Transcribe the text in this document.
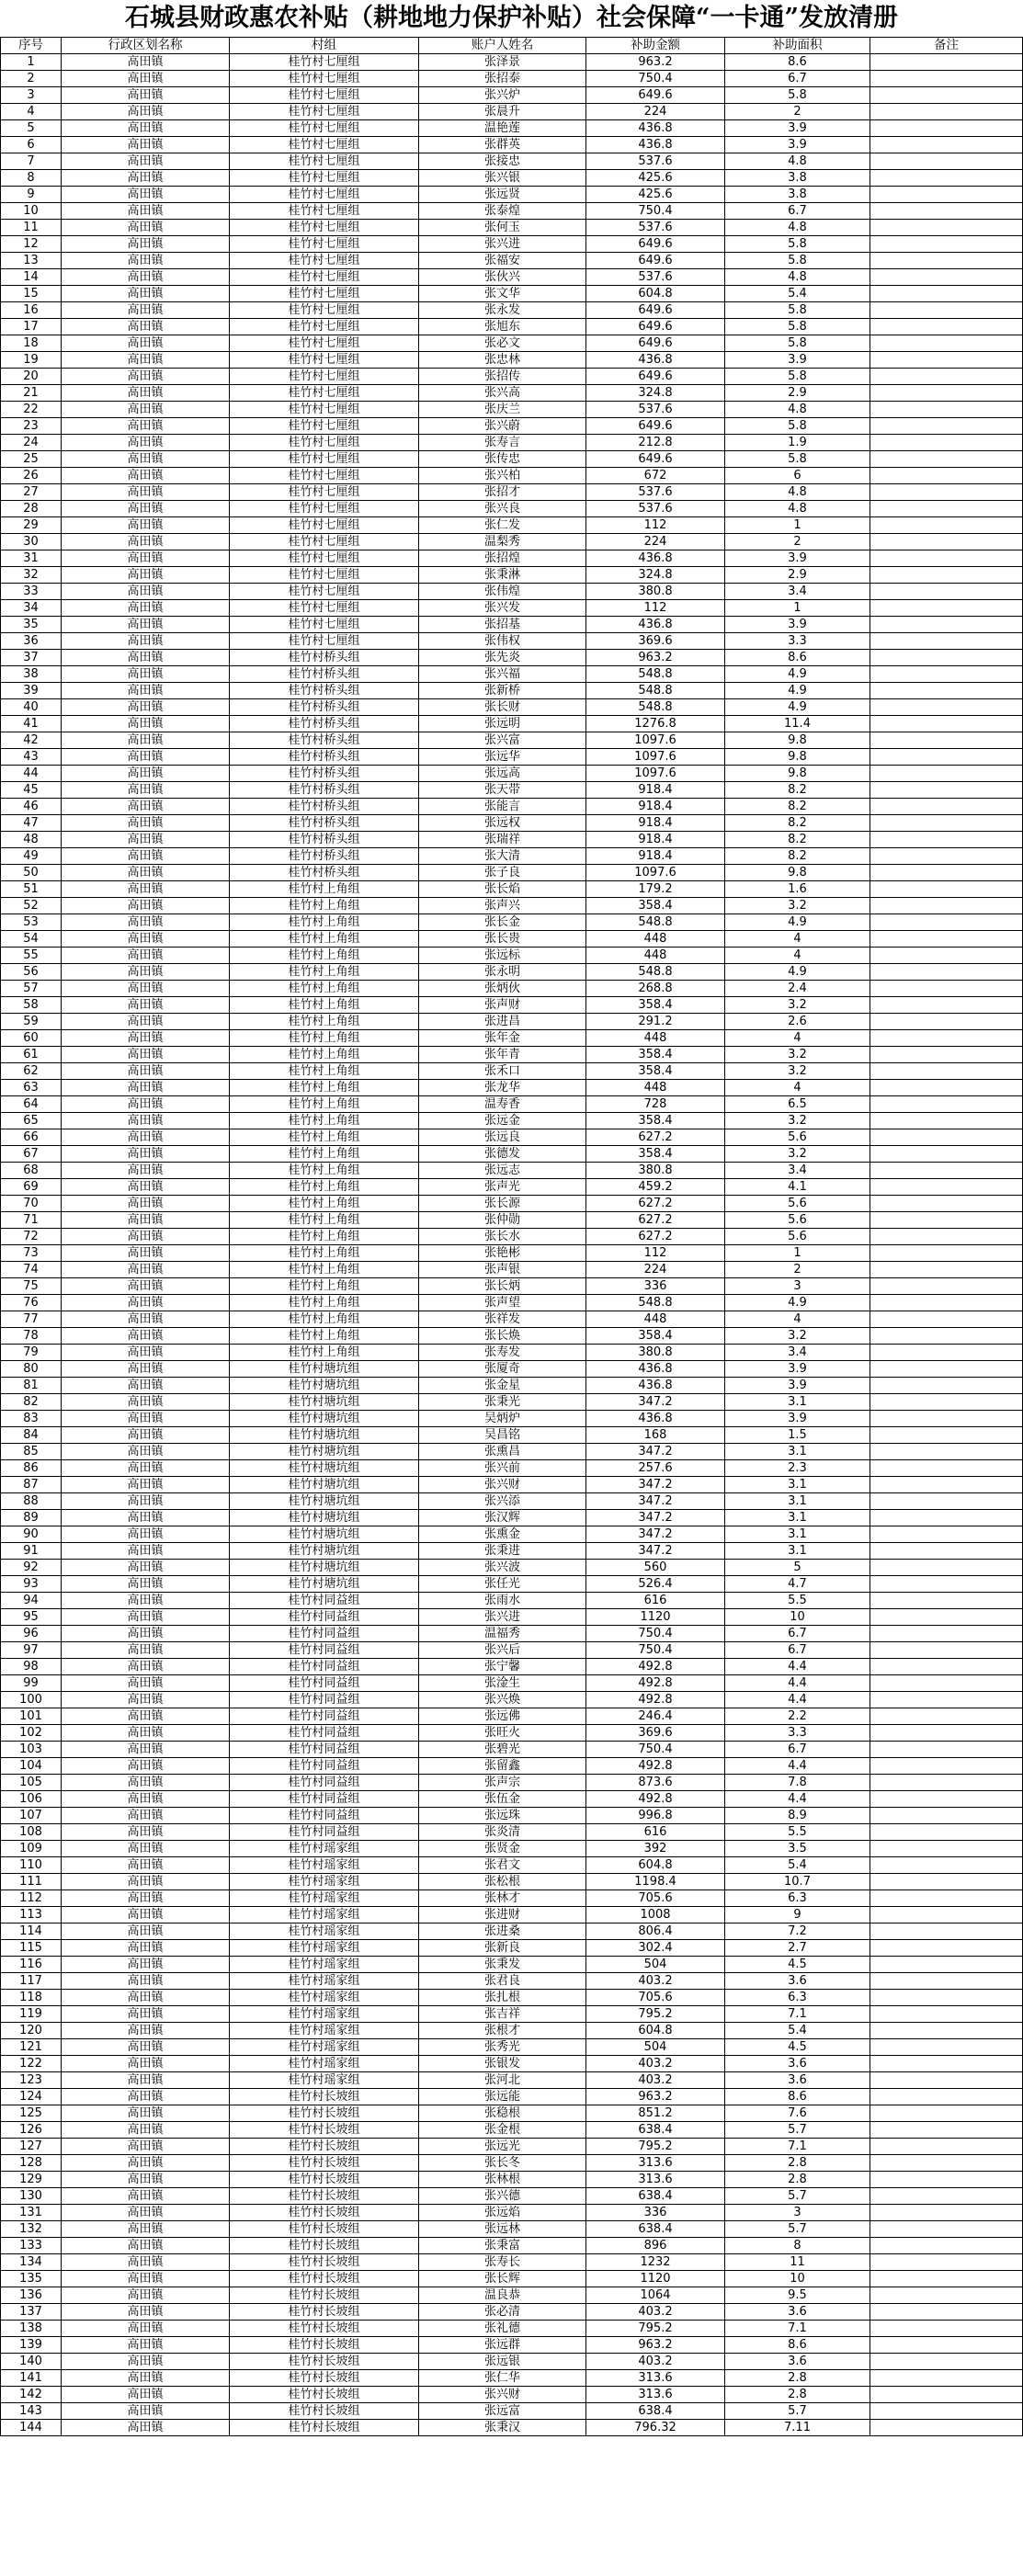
石城县财政惠农补贴（耕地地力保护补贴）社会保障“一卡通”发放清册
序号	行政区划名称	村组	账户人姓名	补助金额	补助面积	备注
1	高田镇	桂竹村七厘组	张泽景	963.2	8.6	
2	高田镇	桂竹村七厘组	张招泰	750.4	6.7	
3	高田镇	桂竹村七厘组	张兴炉	649.6	5.8	
4	高田镇	桂竹村七厘组	张晨升	224	2	
5	高田镇	桂竹村七厘组	温艳莲	436.8	3.9	
6	高田镇	桂竹村七厘组	张群英	436.8	3.9	
7	高田镇	桂竹村七厘组	张接忠	537.6	4.8	
8	高田镇	桂竹村七厘组	张兴银	425.6	3.8	
9	高田镇	桂竹村七厘组	张远贤	425.6	3.8	
10	高田镇	桂竹村七厘组	张泰煌	750.4	6.7	
11	高田镇	桂竹村七厘组	张何玉	537.6	4.8	
12	高田镇	桂竹村七厘组	张兴进	649.6	5.8	
13	高田镇	桂竹村七厘组	张福安	649.6	5.8	
14	高田镇	桂竹村七厘组	张伙兴	537.6	4.8	
15	高田镇	桂竹村七厘组	张文华	604.8	5.4	
16	高田镇	桂竹村七厘组	张永发	649.6	5.8	
17	高田镇	桂竹村七厘组	张旭东	649.6	5.8	
18	高田镇	桂竹村七厘组	张必文	649.6	5.8	
19	高田镇	桂竹村七厘组	张忠林	436.8	3.9	
20	高田镇	桂竹村七厘组	张招传	649.6	5.8	
21	高田镇	桂竹村七厘组	张兴高	324.8	2.9	
22	高田镇	桂竹村七厘组	张庆兰	537.6	4.8	
23	高田镇	桂竹村七厘组	张兴蔚	649.6	5.8	
24	高田镇	桂竹村七厘组	张寿言	212.8	1.9	
25	高田镇	桂竹村七厘组	张传忠	649.6	5.8	
26	高田镇	桂竹村七厘组	张兴柏	672	6	
27	高田镇	桂竹村七厘组	张招才	537.6	4.8	
28	高田镇	桂竹村七厘组	张兴良	537.6	4.8	
29	高田镇	桂竹村七厘组	张仁发	112	1	
30	高田镇	桂竹村七厘组	温梨秀	224	2	
31	高田镇	桂竹村七厘组	张招煌	436.8	3.9	
32	高田镇	桂竹村七厘组	张秉淋	324.8	2.9	
33	高田镇	桂竹村七厘组	张伟煌	380.8	3.4	
34	高田镇	桂竹村七厘组	张兴发	112	1	
35	高田镇	桂竹村七厘组	张招基	436.8	3.9	
36	高田镇	桂竹村七厘组	张伟权	369.6	3.3	
37	高田镇	桂竹村桥头组	张先炎	963.2	8.6	
38	高田镇	桂竹村桥头组	张兴福	548.8	4.9	
39	高田镇	桂竹村桥头组	张新桥	548.8	4.9	
40	高田镇	桂竹村桥头组	张长财	548.8	4.9	
41	高田镇	桂竹村桥头组	张远明	1276.8	11.4	
42	高田镇	桂竹村桥头组	张兴富	1097.6	9.8	
43	高田镇	桂竹村桥头组	张远华	1097.6	9.8	
44	高田镇	桂竹村桥头组	张远高	1097.6	9.8	
45	高田镇	桂竹村桥头组	张天带	918.4	8.2	
46	高田镇	桂竹村桥头组	张能言	918.4	8.2	
47	高田镇	桂竹村桥头组	张远权	918.4	8.2	
48	高田镇	桂竹村桥头组	张瑞祥	918.4	8.2	
49	高田镇	桂竹村桥头组	张大清	918.4	8.2	
50	高田镇	桂竹村桥头组	张子良	1097.6	9.8	
51	高田镇	桂竹村上角组	张长焰	179.2	1.6	
52	高田镇	桂竹村上角组	张声兴	358.4	3.2	
53	高田镇	桂竹村上角组	张长金	548.8	4.9	
54	高田镇	桂竹村上角组	张长贵	448	4	
55	高田镇	桂竹村上角组	张远标	448	4	
56	高田镇	桂竹村上角组	张永明	548.8	4.9	
57	高田镇	桂竹村上角组	张炳伙	268.8	2.4	
58	高田镇	桂竹村上角组	张声财	358.4	3.2	
59	高田镇	桂竹村上角组	张进昌	291.2	2.6	
60	高田镇	桂竹村上角组	张年金	448	4	
61	高田镇	桂竹村上角组	张年青	358.4	3.2	
62	高田镇	桂竹村上角组	张禾口	358.4	3.2	
63	高田镇	桂竹村上角组	张龙华	448	4	
64	高田镇	桂竹村上角组	温寿香	728	6.5	
65	高田镇	桂竹村上角组	张远金	358.4	3.2	
66	高田镇	桂竹村上角组	张远良	627.2	5.6	
67	高田镇	桂竹村上角组	张德发	358.4	3.2	
68	高田镇	桂竹村上角组	张远志	380.8	3.4	
69	高田镇	桂竹村上角组	张声光	459.2	4.1	
70	高田镇	桂竹村上角组	张长源	627.2	5.6	
71	高田镇	桂竹村上角组	张仲勋	627.2	5.6	
72	高田镇	桂竹村上角组	张长水	627.2	5.6	
73	高田镇	桂竹村上角组	张艳彬	112	1	
74	高田镇	桂竹村上角组	张声银	224	2	
75	高田镇	桂竹村上角组	张长炳	336	3	
76	高田镇	桂竹村上角组	张声望	548.8	4.9	
77	高田镇	桂竹村上角组	张祥发	448	4	
78	高田镇	桂竹村上角组	张长焕	358.4	3.2	
79	高田镇	桂竹村上角组	张寿发	380.8	3.4	
80	高田镇	桂竹村塘坑组	张厦奇	436.8	3.9	
81	高田镇	桂竹村塘坑组	张金星	436.8	3.9	
82	高田镇	桂竹村塘坑组	张秉光	347.2	3.1	
83	高田镇	桂竹村塘坑组	吴炳炉	436.8	3.9	
84	高田镇	桂竹村塘坑组	吴昌铭	168	1.5	
85	高田镇	桂竹村塘坑组	张熏昌	347.2	3.1	
86	高田镇	桂竹村塘坑组	张兴前	257.6	2.3	
87	高田镇	桂竹村塘坑组	张兴财	347.2	3.1	
88	高田镇	桂竹村塘坑组	张兴添	347.2	3.1	
89	高田镇	桂竹村塘坑组	张汉辉	347.2	3.1	
90	高田镇	桂竹村塘坑组	张熏金	347.2	3.1	
91	高田镇	桂竹村塘坑组	张秉进	347.2	3.1	
92	高田镇	桂竹村塘坑组	张兴波	560	5	
93	高田镇	桂竹村塘坑组	张任光	526.4	4.7	
94	高田镇	桂竹村同益组	张雨水	616	5.5	
95	高田镇	桂竹村同益组	张兴进	1120	10	
96	高田镇	桂竹村同益组	温福秀	750.4	6.7	
97	高田镇	桂竹村同益组	张兴后	750.4	6.7	
98	高田镇	桂竹村同益组	张宁馨	492.8	4.4	
99	高田镇	桂竹村同益组	张淦生	492.8	4.4	
100	高田镇	桂竹村同益组	张兴焕	492.8	4.4	
101	高田镇	桂竹村同益组	张远佛	246.4	2.2	
102	高田镇	桂竹村同益组	张旺火	369.6	3.3	
103	高田镇	桂竹村同益组	张碧光	750.4	6.7	
104	高田镇	桂竹村同益组	张留鑫	492.8	4.4	
105	高田镇	桂竹村同益组	张声宗	873.6	7.8	
106	高田镇	桂竹村同益组	张伍金	492.8	4.4	
107	高田镇	桂竹村同益组	张远珠	996.8	8.9	
108	高田镇	桂竹村同益组	张炎清	616	5.5	
109	高田镇	桂竹村瑶家组	张贤金	392	3.5	
110	高田镇	桂竹村瑶家组	张君文	604.8	5.4	
111	高田镇	桂竹村瑶家组	张松根	1198.4	10.7	
112	高田镇	桂竹村瑶家组	张林才	705.6	6.3	
113	高田镇	桂竹村瑶家组	张进财	1008	9	
114	高田镇	桂竹村瑶家组	张进桑	806.4	7.2	
115	高田镇	桂竹村瑶家组	张新良	302.4	2.7	
116	高田镇	桂竹村瑶家组	张秉发	504	4.5	
117	高田镇	桂竹村瑶家组	张君良	403.2	3.6	
118	高田镇	桂竹村瑶家组	张扎根	705.6	6.3	
119	高田镇	桂竹村瑶家组	张吉祥	795.2	7.1	
120	高田镇	桂竹村瑶家组	张根才	604.8	5.4	
121	高田镇	桂竹村瑶家组	张秀光	504	4.5	
122	高田镇	桂竹村瑶家组	张银发	403.2	3.6	
123	高田镇	桂竹村瑶家组	张河北	403.2	3.6	
124	高田镇	桂竹村长坡组	张远能	963.2	8.6	
125	高田镇	桂竹村长坡组	张稳根	851.2	7.6	
126	高田镇	桂竹村长坡组	张金根	638.4	5.7	
127	高田镇	桂竹村长坡组	张远光	795.2	7.1	
128	高田镇	桂竹村长坡组	张长冬	313.6	2.8	
129	高田镇	桂竹村长坡组	张林根	313.6	2.8	
130	高田镇	桂竹村长坡组	张兴德	638.4	5.7	
131	高田镇	桂竹村长坡组	张远焰	336	3	
132	高田镇	桂竹村长坡组	张远林	638.4	5.7	
133	高田镇	桂竹村长坡组	张秉富	896	8	
134	高田镇	桂竹村长坡组	张寿长	1232	11	
135	高田镇	桂竹村长坡组	张长辉	1120	10	
136	高田镇	桂竹村长坡组	温良恭	1064	9.5	
137	高田镇	桂竹村长坡组	张必清	403.2	3.6	
138	高田镇	桂竹村长坡组	张礼德	795.2	7.1	
139	高田镇	桂竹村长坡组	张远群	963.2	8.6	
140	高田镇	桂竹村长坡组	张远银	403.2	3.6	
141	高田镇	桂竹村长坡组	张仁华	313.6	2.8	
142	高田镇	桂竹村长坡组	张兴财	313.6	2.8	
143	高田镇	桂竹村长坡组	张远富	638.4	5.7	
144	高田镇	桂竹村长坡组	张秉汉	796.32	7.11	
